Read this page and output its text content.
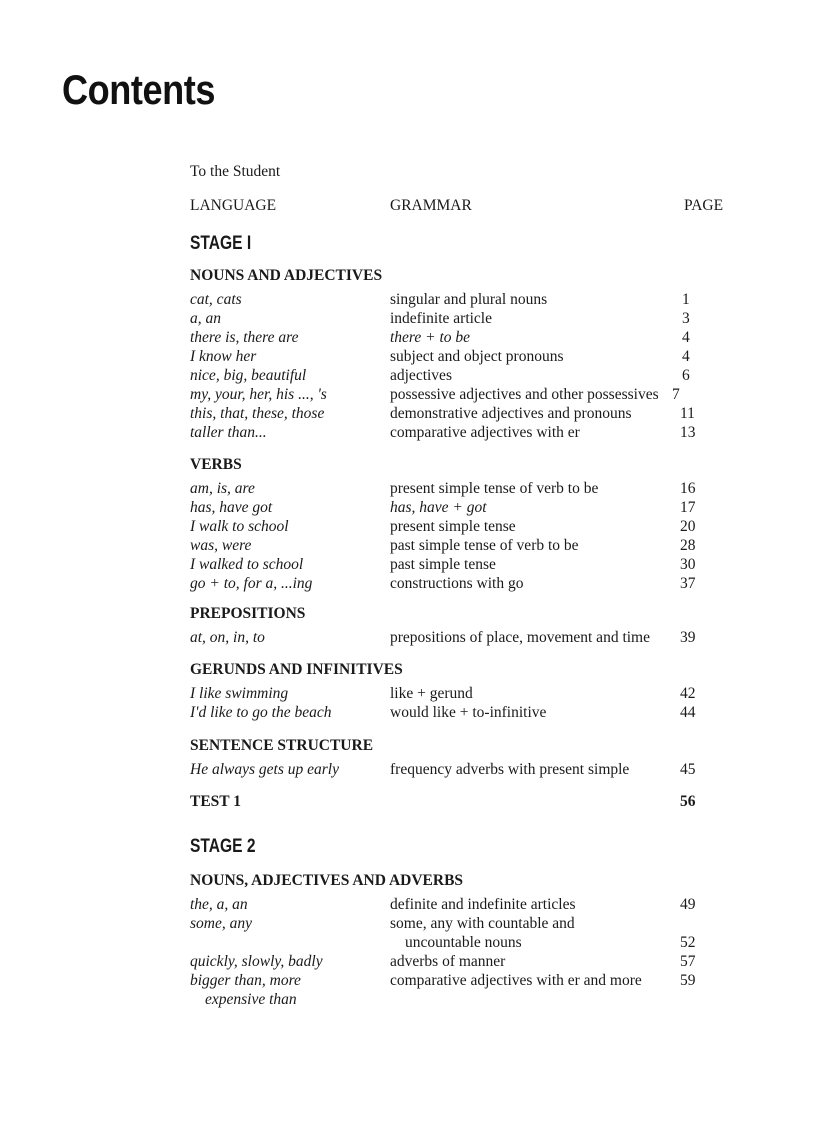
Contents
To the Student
LANGUAGE	GRAMMAR	PAGE
STAGE I
NOUNS AND ADJECTIVES
cat, cats	singular and plural nouns	1
a, an	indefinite article	3
there is, there are	there + to be	4
I know her	subject and object pronouns	4
nice, big, beautiful	adjectives	6
my, your, her, his ..., 's	possessive adjectives and other possessives 7
this, that, these, those	demonstrative adjectives and pronouns	11
taller than...	comparative adjectives with er	13
VERBS
am, is, are	present simple tense of verb to be	16
has, have got	has, have + got	17
I walk to school	present simple tense	20
was, were	past simple tense of verb to be	28
I walked to school	past simple tense	30
go + to, for a, ...ing	constructions with go	37
PREPOSITIONS
at, on, in, to	prepositions of place, movement and time 39
GERUNDS AND INFINITIVES
I like swimming	like + gerund	42
I'd like to go the beach	would like + to-infinitive	44
SENTENCE STRUCTURE
He always gets up early	frequency adverbs with present simple	45
TEST 1	56
STAGE 2
NOUNS, ADJECTIVES AND ADVERBS
the, a, an	definite and indefinite articles	49
some, any	some, any with countable and
uncountable nouns	52
quickly, slowly, badly	adverbs of manner	57
bigger than, more	comparative adjectives with er and more 59
expensive than
